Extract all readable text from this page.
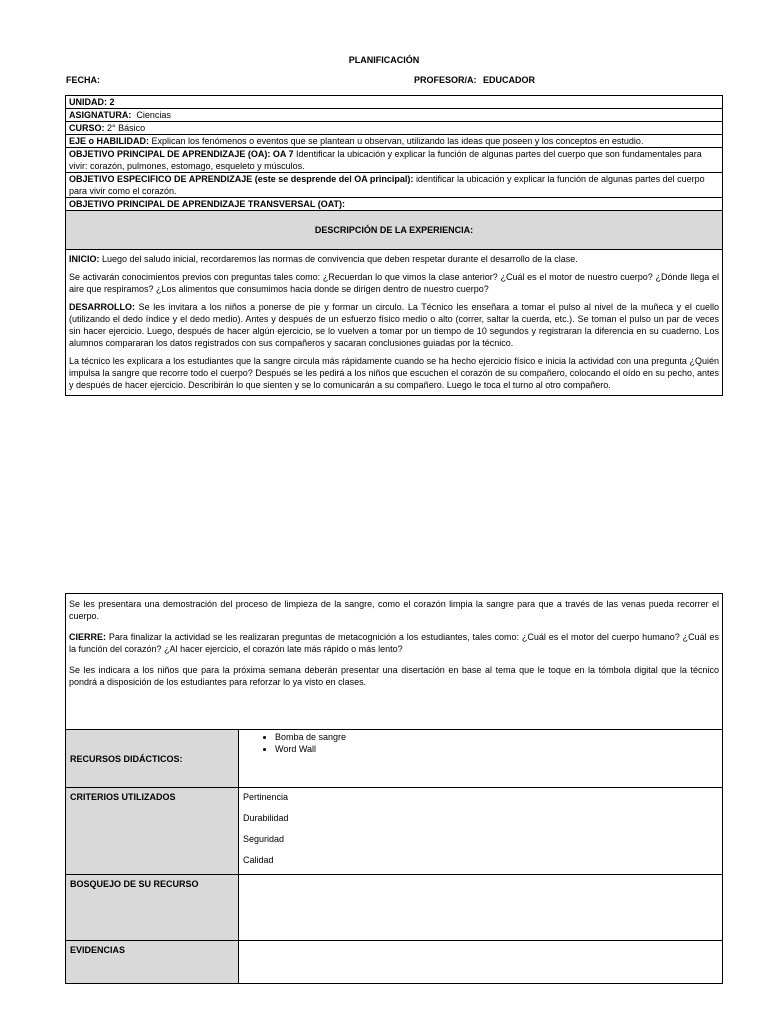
PLANIFICACIÓN
FECHA:	PROFESOR/A: EDUCADOR
UNIDAD: 2
ASIGNATURA: Ciencias
CURSO: 2° Básico
EJE o HABILIDAD: Explican los fenómenos o eventos que se plantean u observan, utilizando las ideas que poseen y los conceptos en estudio.
OBJETIVO PRINCIPAL DE APRENDIZAJE (OA): OA 7 Identificar la ubicación y explicar la función de algunas partes del cuerpo que son fundamentales para vivir: corazón, pulmones, estomago, esqueleto y músculos.
OBJETIVO ESPECIFICO DE APRENDIZAJE (este se desprende del OA principal): identificar la ubicación y explicar la función de algunas partes del cuerpo para vivir como el corazón.
OBJETIVO PRINCIPAL DE APRENDIZAJE TRANSVERSAL (OAT):
DESCRIPCIÓN DE LA EXPERIENCIA:

INICIO: Luego del saludo inicial, recordaremos las normas de convivencia que deben respetar durante el desarrollo de la clase.

Se activarán conocimientos previos con preguntas tales como: ¿Recuerdan lo que vimos la clase anterior? ¿Cuál es el motor de nuestro cuerpo? ¿Dónde llega el aire que respiramos? ¿Los alimentos que consumimos hacia donde se dirigen dentro de nuestro cuerpo?

DESARROLLO: Se les invitara a los niños a ponerse de pie y formar un circulo. La Técnico les enseñara a tomar el pulso al nivel de la muñeca y el cuello (utilizando el dedo índice y el dedo medio). Antes y después de un esfuerzo físico medio o alto (correr, saltar la cuerda, etc.). Se toman el pulso un par de veces sin hacer ejercicio. Luego, después de hacer algún ejercicio, se lo vuelven a tomar por un tiempo de 10 segundos y registraran la diferencia en su cuaderno. Los alumnos compararan los datos registrados con sus compañeros y sacaran conclusiones guiadas por la técnico.

La técnico les explicara a los estudiantes que la sangre circula más rápidamente cuando se ha hecho ejercicio físico e inicia la actividad con una pregunta ¿Quién impulsa la sangre que recorre todo el cuerpo? Después se les pedirá a los niños que escuchen el corazón de su compañero, colocando el oído en su pecho, antes y después de hacer ejercicio. Describirán lo que sienten y se lo comunicarán a su compañero. Luego le toca el turno al otro compañero.

Se les presentara una demostración del proceso de limpieza de la sangre, como el corazón limpia la sangre para que a través de las venas pueda recorrer el cuerpo.

CIERRE: Para finalizar la actividad se les realizaran preguntas de metacognición a los estudiantes, tales como: ¿Cuál es el motor del cuerpo humano? ¿Cuál es la función del corazón? ¿Al hacer ejercicio, el corazón late más rápido o más lento?

Se les indicara a los niños que para la próxima semana deberán presentar una disertación en base al tema que le toque en la tómbola digital que la técnico pondrá a disposición de los estudiantes para reforzar lo ya visto en clases.

RECURSOS DIDÁCTICOS:
• Bomba de sangre
• Word Wall
CRITERIOS UTILIZADOS	Pertinencia
Durabilidad
Seguridad
Calidad
BOSQUEJO DE SU RECURSO
EVIDENCIAS
